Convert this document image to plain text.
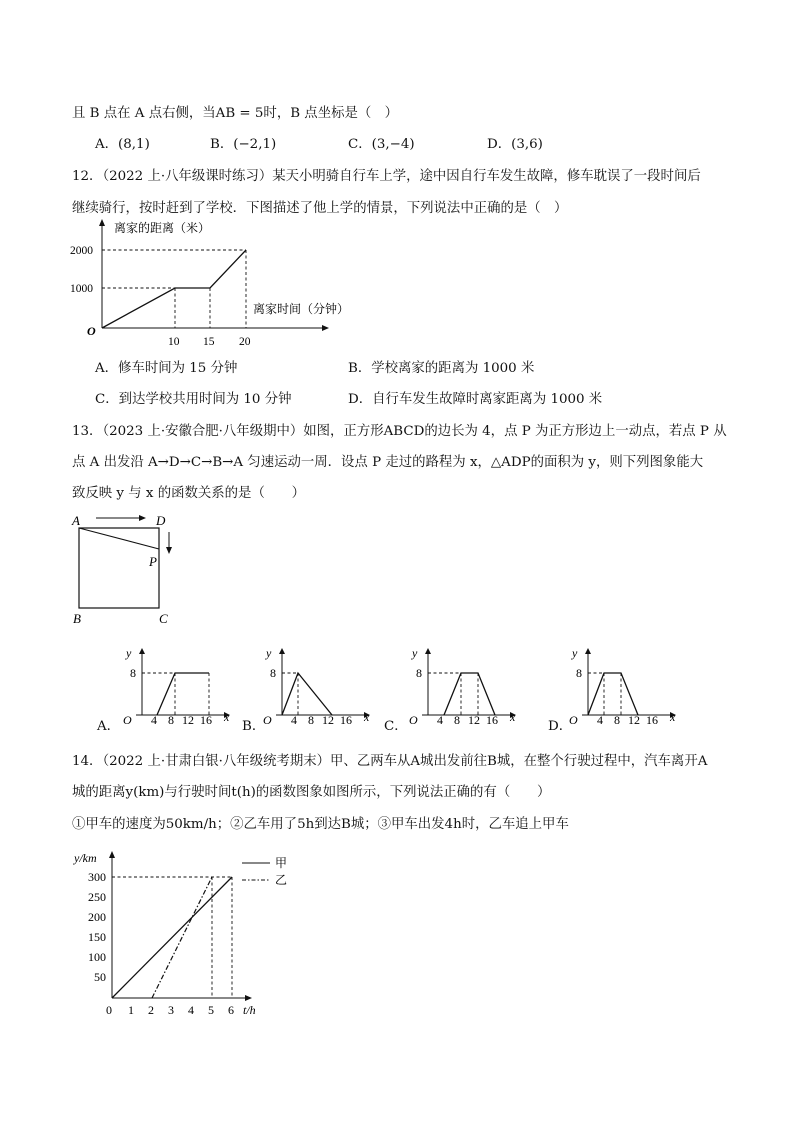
且 B 点在 A 点右侧，当AB = 5时，B 点坐标是（　）
A．(8,1)	B．(−2,1)	C．(3,−4)	D．(3,6)
12．（2022 上·八年级课时练习）某天小明骑自行车上学，途中因自行车发生故障，修车耽误了一段时间后
继续骑行，按时赶到了学校．下图描述了他上学的情景，下列说法中正确的是（　）
离家的距离（米）
离家时间（分钟）
O
2000
1000
10 15 20
A．修车时间为 15 分钟	B．学校离家的距离为 1000 米
C．到达学校共用时间为 10 分钟	D．自行车发生故障时离家距离为 1000 米
13．（2023 上·安徽合肥·八年级期中）如图，正方形ABCD的边长为 4，点 P 为正方形边上一动点，若点 P 从
点 A 出发沿 A→D→C→B→A 匀速运动一周．设点 P 走过的路程为 x，△ADP的面积为 y，则下列图象能大
致反映 y 与 x 的函数关系的是（　　）
A	D
P
B	C
A．
y
x
O
8
4 8 12 16 B．
y
x
O
8
4 8 12 16 C．
y
x
O
8
4 8 12 16	D．
y
x
O
8
4 8 12 16
14．（2022 上·甘肃白银·八年级统考期末）甲、乙两车从A城出发前往B城，在整个行驶过程中，汽车离开A
城的距离y(km)与行驶时间t(h)的函数图象如图所示，下列说法正确的有（　　）
①甲车的速度为50km/h；②乙车用了5h到达B城；③甲车出发4h时，乙车追上甲车
y/km
t/h
300
250
200
150
100
50
0 1 2 3 4 5 6
甲
乙
